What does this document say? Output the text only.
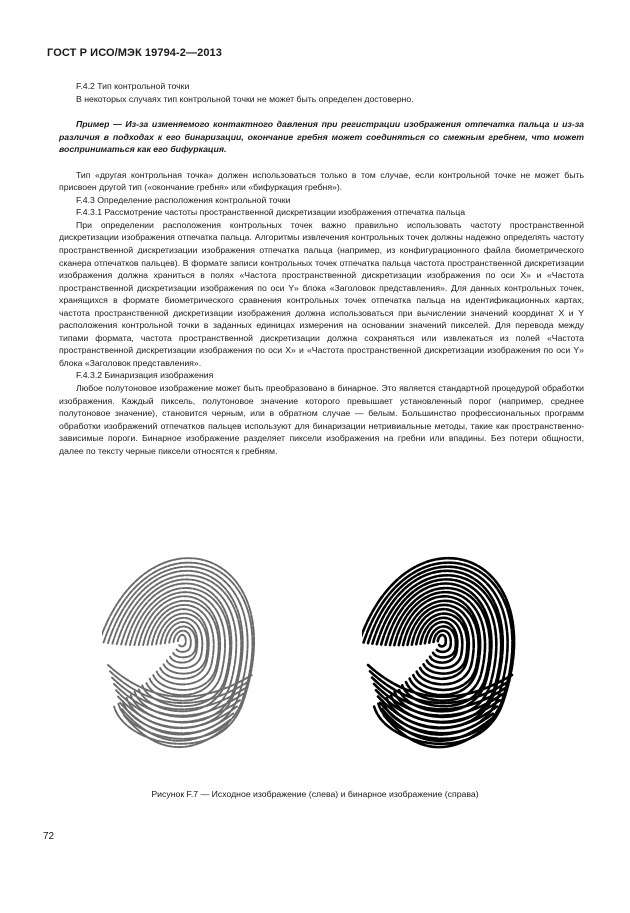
ГОСТ Р ИСО/МЭК 19794-2—2013

F.4.2 Тип контрольной точки

В некоторых случаях тип контрольной точки не может быть определен достоверно.

Пример — Из-за изменяемого контактного давления при регистрации изображения отпечатка пальца и из-за различия в подходах к его бинаризации, окончание гребня может соединяться со смежным гребнем, что может восприниматься как его бифуркация.

Тип «другая контрольная точка» должен использоваться только в том случае, если контрольной точке не может быть присвоен другой тип («окончание гребня» или «бифуркация гребня»).

F.4.3 Определение расположения контрольной точки

F.4.3.1 Рассмотрение частоты пространственной дискретизации изображения отпечатка пальца

При определении расположения контрольных точек важно правильно использовать частоту пространственной дискретизации изображения отпечатка пальца. Алгоритмы извлечения контрольных точек должны надежно определять частоту пространственной дискретизации изображения отпечатка пальца (например, из конфигурационного файла биометрического сканера отпечатков пальцев). В формате записи контрольных точек отпечатка пальца частота пространственной дискретизации изображения должна храниться в полях «Частота пространственной дискретизации изображения по оси X» и «Частота пространственной дискретизации изображения по оси Y» блока «Заголовок представления». Для данных контрольных точек, хранящихся в формате биометрического сравнения контрольных точек отпечатка пальца на идентификационных картах, частота пространственной дискретизации изображения должна использоваться при вычислении значений координат X и Y расположения контрольной точки в заданных единицах измерения на основании значений пикселей. Для перевода между типами формата, частота пространственной дискретизации должна сохраняться или извлекаться из полей «Частота пространственной дискретизации изображения по оси X» и «Частота пространственной дискретизации изображения по оси Y» блока «Заголовок представления».

F.4.3.2 Бинаризация изображения

Любое полутоновое изображение может быть преобразовано в бинарное. Это является стандартной процедурой обработки изображения. Каждый пиксель, полутоновое значение которого превышает установленный порог (например, среднее полутоновое значение), становится черным, или в обратном случае — белым. Большинство профессиональных программ обработки изображений отпечатков пальцев используют для бинаризации нетривиальные методы, такие как пространственно-зависимые пороги. Бинарное изображение разделяет пиксели изображения на гребни или впадины. Без потери общности, далее по тексту черные пиксели относятся к гребням.

Рисунок F.7 — Исходное изображение (слева) и бинарное изображение (справа)
72
